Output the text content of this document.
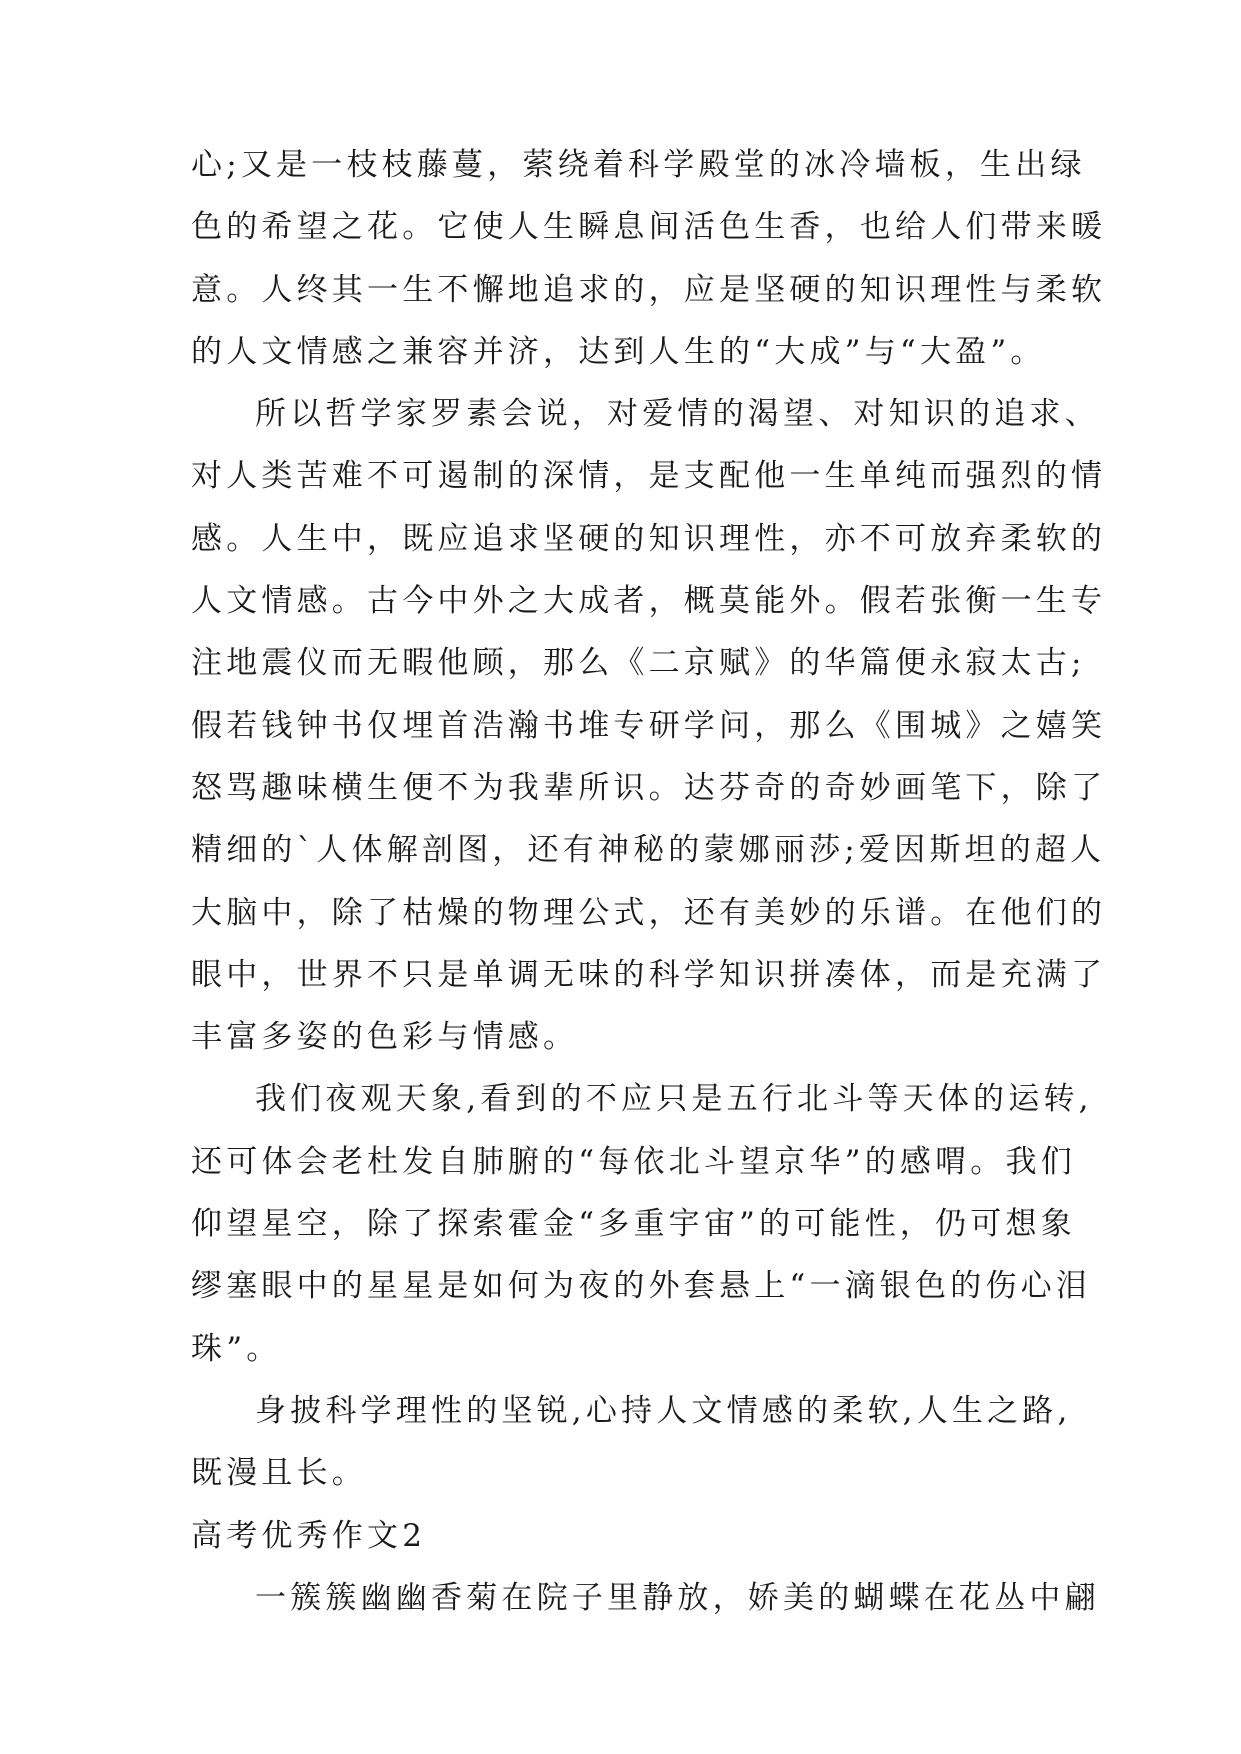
心;又是一枝枝藤蔓，萦绕着科学殿堂的冰冷墙板，生出绿
色的希望之花。它使人生瞬息间活色生香，也给人们带来暖
意。人终其一生不懈地追求的，应是坚硬的知识理性与柔软
的人文情感之兼容并济，达到人生的“大成”与“大盈”。
所以哲学家罗素会说，对爱情的渴望、对知识的追求、
对人类苦难不可遏制的深情，是支配他一生单纯而强烈的情
感。人生中，既应追求坚硬的知识理性，亦不可放弃柔软的
人文情感。古今中外之大成者，概莫能外。假若张衡一生专
注地震仪而无暇他顾，那么《二京赋》的华篇便永寂太古;
假若钱钟书仅埋首浩瀚书堆专研学问，那么《围城》之嬉笑
怒骂趣味横生便不为我辈所识。达芬奇的奇妙画笔下，除了
精细的`人体解剖图，还有神秘的蒙娜丽莎;爱因斯坦的超人
大脑中，除了枯燥的物理公式，还有美妙的乐谱。在他们的
眼中，世界不只是单调无味的科学知识拼凑体，而是充满了
丰富多姿的色彩与情感。
我们夜观天象,看到的不应只是五行北斗等天体的运转,
还可体会老杜发自肺腑的“每依北斗望京华”的感喟。我们
仰望星空，除了探索霍金“多重宇宙”的可能性，仍可想象
缪塞眼中的星星是如何为夜的外套悬上“一滴银色的伤心泪
珠”。
身披科学理性的坚锐,心持人文情感的柔软,人生之路,
既漫且长。
高考优秀作文2
一簇簇幽幽香菊在院子里静放，娇美的蝴蝶在花丛中翩
